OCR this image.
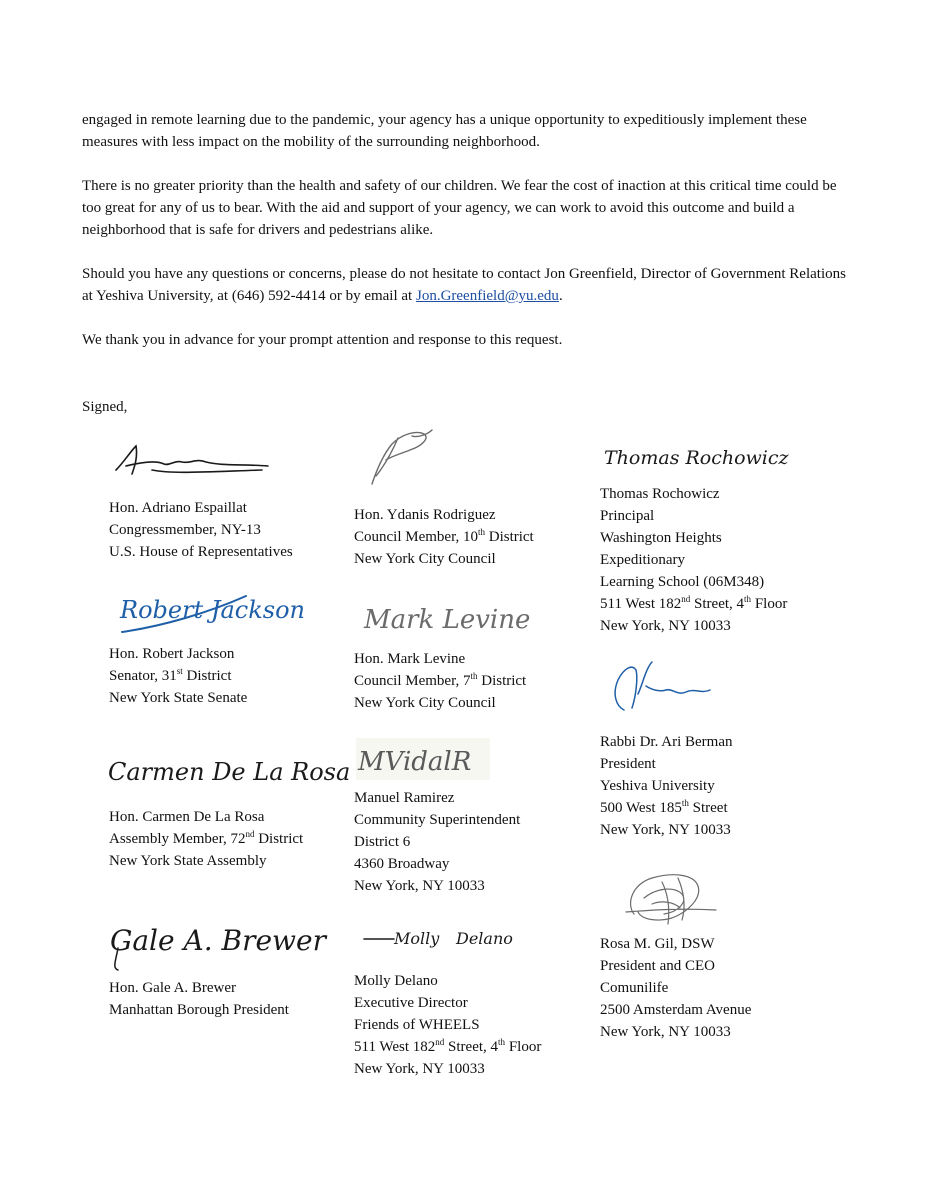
engaged in remote learning due to the pandemic, your agency has a unique opportunity to expeditiously implement these measures with less impact on the mobility of the surrounding neighborhood.

There is no greater priority than the health and safety of our children. We fear the cost of inaction at this critical time could be too great for any of us to bear. With the aid and support of your agency, we can work to avoid this outcome and build a neighborhood that is safe for drivers and pedestrians alike.

Should you have any questions or concerns, please do not hesitate to contact Jon Greenfield, Director of Government Relations at Yeshiva University, at (646) 592-4414 or by email at Jon.Greenfield@yu.edu.

We thank you in advance for your prompt attention and response to this request.

Signed,

Hon. Adriano Espaillat
Congressmember, NY-13
U.S. House of Representatives
Robert Jackson
Hon. Robert Jackson
Senator, 31st District
New York State Senate
Carmen De La Rosa
Hon. Carmen De La Rosa
Assembly Member, 72nd District
New York State Assembly
Gale A. Brewer
Hon. Gale A. Brewer
Manhattan Borough President
Hon. Ydanis Rodriguez
Council Member, 10th District
New York City Council
Mark Levine
Hon. Mark Levine
Council Member, 7th District
New York City Council
MVidalR
Manuel Ramirez
Community Superintendent
District 6
4360 Broadway
New York, NY 10033
Molly Delano
Molly Delano
Executive Director
Friends of WHEELS
511 West 182nd Street, 4th Floor
New York, NY 10033
Thomas Rochowicz
Thomas Rochowicz
Principal
Washington Heights
Expeditionary
Learning School (06M348)
511 West 182nd Street, 4th Floor
New York, NY 10033
Rabbi Dr. Ari Berman
President
Yeshiva University
500 West 185th Street
New York, NY 10033
Rosa M. Gil, DSW
President and CEO
Comunilife
2500 Amsterdam Avenue
New York, NY 10033
